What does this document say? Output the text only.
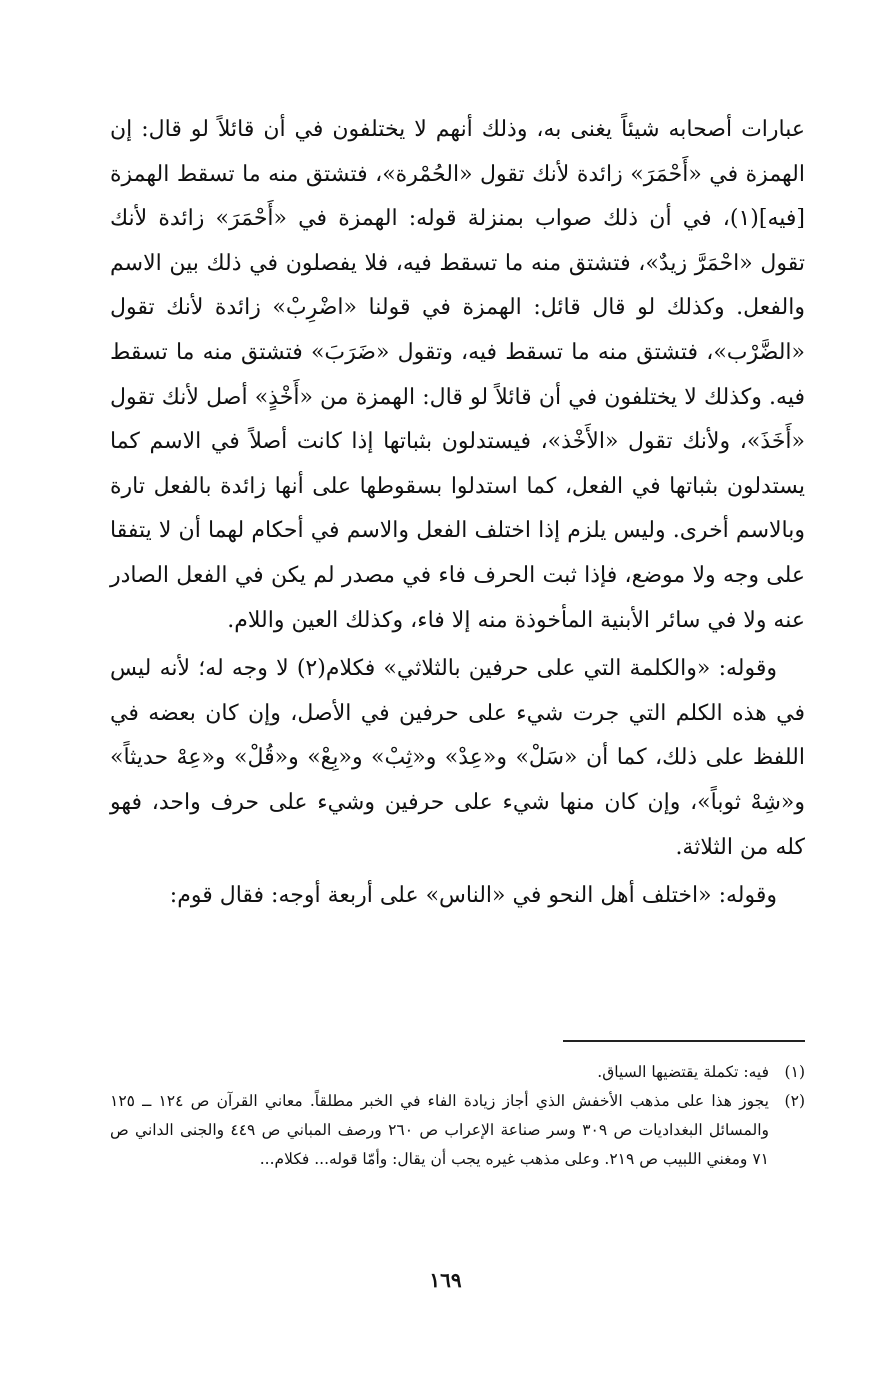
عبارات أصحابه شيئاً يغنى به، وذلك أنهم لا يختلفون في أن قائلاً لو قال: إن الهمزة في «أَحْمَرَ» زائدة لأنك تقول «الحُمْرة»، فتشتق منه ما تسقط الهمزة [فيه](١)، في أن ذلك صواب بمنزلة قوله: الهمزة في «أَحْمَرَ» زائدة لأنك تقول «احْمَرَّ زيدٌ»، فتشتق منه ما تسقط فيه، فلا يفصلون في ذلك بين الاسم والفعل. وكذلك لو قال قائل: الهمزة في قولنا «اضْرِبْ» زائدة لأنك تقول «الضَّرْب»، فتشتق منه ما تسقط فيه، وتقول «ضَرَبَ» فتشتق منه ما تسقط فيه. وكذلك لا يختلفون في أن قائلاً لو قال: الهمزة من «أَخْذٍ» أصل لأنك تقول «أَخَذَ»، ولأنك تقول «الأَخْذ»، فيستدلون بثباتها إذا كانت أصلاً في الاسم كما يستدلون بثباتها في الفعل، كما استدلوا بسقوطها على أنها زائدة بالفعل تارة وبالاسم أخرى. وليس يلزم إذا اختلف الفعل والاسم في أحكام لهما أن لا يتفقا على وجه ولا موضع، فإذا ثبت الحرف فاء في مصدر لم يكن في الفعل الصادر عنه ولا في سائر الأبنية المأخوذة منه إلا فاء، وكذلك العين واللام.

وقوله: «والكلمة التي على حرفين بالثلاثي» فكلام(٢) لا وجه له؛ لأنه ليس في هذه الكلم التي جرت شيء على حرفين في الأصل، وإن كان بعضه في اللفظ على ذلك، كما أن «سَلْ» و«عِدْ» و«ثِبْ» و«بِعْ» و«قُلْ» و«عِهْ حديثاً» و«شِهْ ثوباً»، وإن كان منها شيء على حرفين وشيء على حرف واحد، فهو كله من الثلاثة.

وقوله: «اختلف أهل النحو في «الناس» على أربعة أوجه: فقال قوم:

(١)
فيه: تكملة يقتضيها السياق.
(٢)
يجوز هذا على مذهب الأخفش الذي أجاز زيادة الفاء في الخبر مطلقاً. معاني القرآن ص ١٢٤ ــ ١٢٥ والمسائل البغداديات ص ٣٠٩ وسر صناعة الإعراب ص ٢٦٠ ورصف المباني ص ٤٤٩ والجنى الداني ص ٧١ ومغني اللبيب ص ٢١٩. وعلى مذهب غيره يجب أن يقال: وأمّا قوله... فكلام...
١٦٩
